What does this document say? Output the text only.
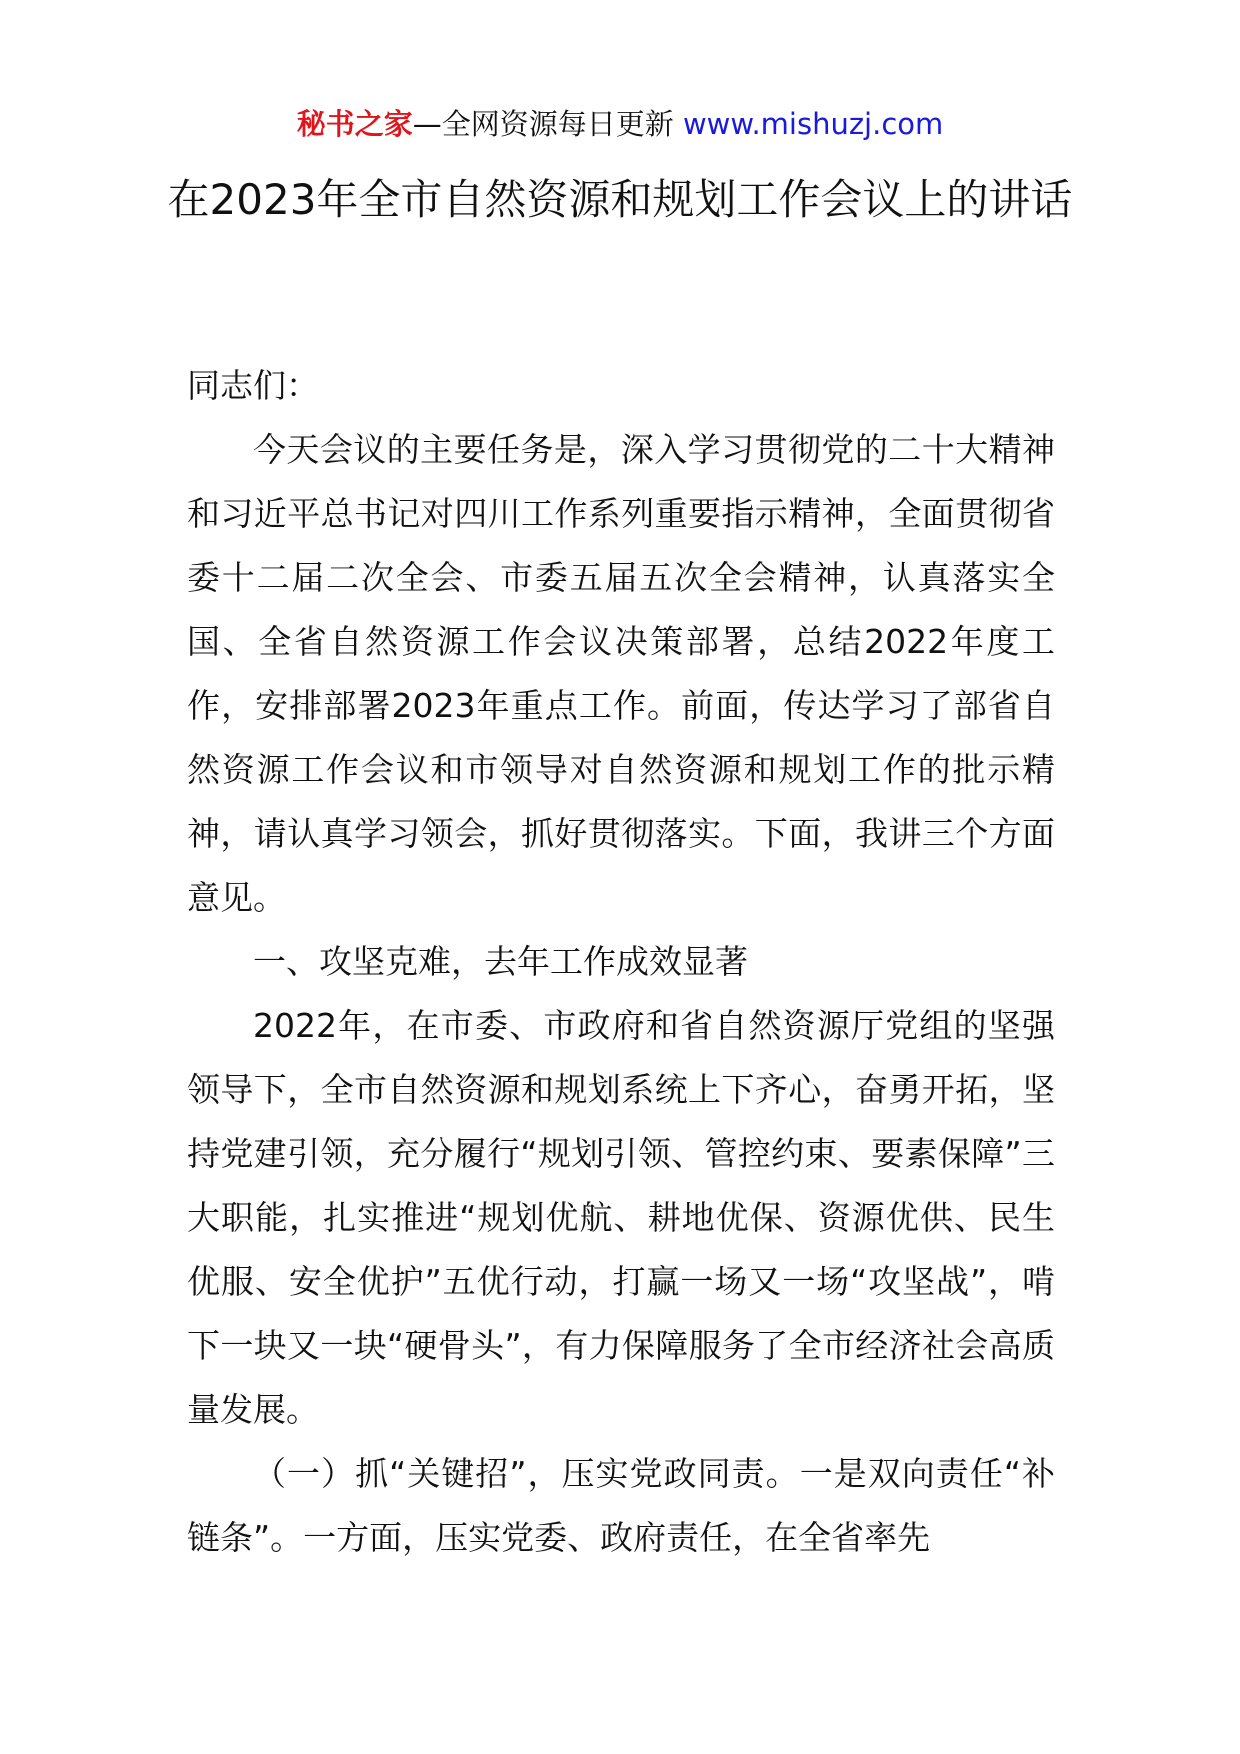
秘书之家—全网资源每日更新 www.mishuzj.com
在2023年全市自然资源和规划工作会议上的讲话

同志们：

今天会议的主要任务是，深入学习贯彻党的二十大精神和习近平总书记对四川工作系列重要指示精神，全面贯彻省委十二届二次全会、市委五届五次全会精神，认真落实全国、全省自然资源工作会议决策部署，总结2022年度工作，安排部署2023年重点工作。前面，传达学习了部省自然资源工作会议和市领导对自然资源和规划工作的批示精神，请认真学习领会，抓好贯彻落实。下面，我讲三个方面意见。

一、攻坚克难，去年工作成效显著

2022年，在市委、市政府和省自然资源厅党组的坚强领导下，全市自然资源和规划系统上下齐心，奋勇开拓，坚持党建引领，充分履行“规划引领、管控约束、要素保障”三大职能，扎实推进“规划优航、耕地优保、资源优供、民生优服、安全优护”五优行动，打赢一场又一场“攻坚战”，啃下一块又一块“硬骨头”，有力保障服务了全市经济社会高质量发展。

（一）抓“关键招”，压实党政同责。一是双向责任“补链条”。一方面，压实党委、政府责任，在全省率先
